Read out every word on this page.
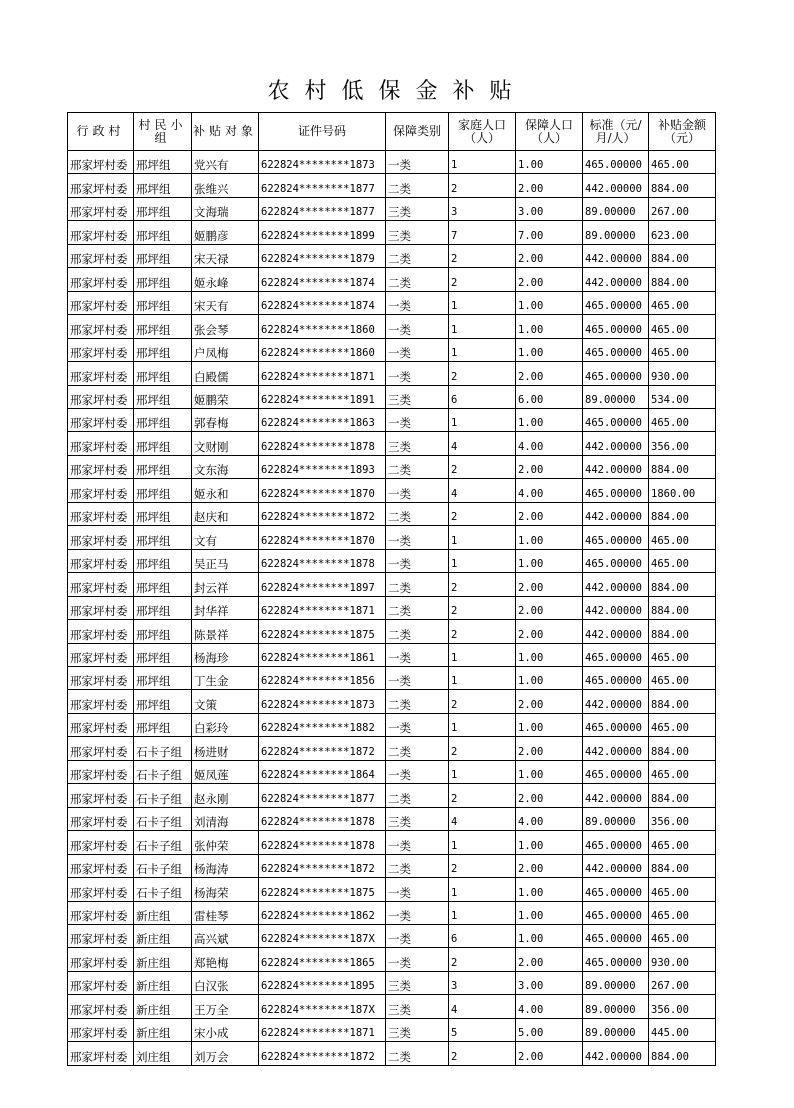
农村低保金补贴
行政村	村民小组	补贴对象	证件号码	保障类别	家庭人口（人）	保障人口（人）	标准（元/月/人）	补贴金额（元）
邢家坪村委	邢坪组	党兴有	622824********1873	一类	1	1.00	465.00000	465.00
邢家坪村委	邢坪组	张维兴	622824********1877	二类	2	2.00	442.00000	884.00
邢家坪村委	邢坪组	文海瑞	622824********1877	三类	3	3.00	89.00000	267.00
邢家坪村委	邢坪组	姬鹏彦	622824********1899	三类	7	7.00	89.00000	623.00
邢家坪村委	邢坪组	宋天禄	622824********1879	二类	2	2.00	442.00000	884.00
邢家坪村委	邢坪组	姬永峰	622824********1874	二类	2	2.00	442.00000	884.00
邢家坪村委	邢坪组	宋天有	622824********1874	一类	1	1.00	465.00000	465.00
邢家坪村委	邢坪组	张会琴	622824********1860	一类	1	1.00	465.00000	465.00
邢家坪村委	邢坪组	户凤梅	622824********1860	一类	1	1.00	465.00000	465.00
邢家坪村委	邢坪组	白殿儒	622824********1871	一类	2	2.00	465.00000	930.00
邢家坪村委	邢坪组	姬鹏荣	622824********1891	三类	6	6.00	89.00000	534.00
邢家坪村委	邢坪组	郭春梅	622824********1863	一类	1	1.00	465.00000	465.00
邢家坪村委	邢坪组	文财刚	622824********1878	三类	4	4.00	442.00000	356.00
邢家坪村委	邢坪组	文东海	622824********1893	二类	2	2.00	442.00000	884.00
邢家坪村委	邢坪组	姬永和	622824********1870	一类	4	4.00	465.00000	1860.00
邢家坪村委	邢坪组	赵庆和	622824********1872	二类	2	2.00	442.00000	884.00
邢家坪村委	邢坪组	文有	622824********1870	一类	1	1.00	465.00000	465.00
邢家坪村委	邢坪组	吴正马	622824********1878	一类	1	1.00	465.00000	465.00
邢家坪村委	邢坪组	封云祥	622824********1897	二类	2	2.00	442.00000	884.00
邢家坪村委	邢坪组	封华祥	622824********1871	二类	2	2.00	442.00000	884.00
邢家坪村委	邢坪组	陈景祥	622824********1875	二类	2	2.00	442.00000	884.00
邢家坪村委	邢坪组	杨海珍	622824********1861	一类	1	1.00	465.00000	465.00
邢家坪村委	邢坪组	丁生金	622824********1856	一类	1	1.00	465.00000	465.00
邢家坪村委	邢坪组	文策	622824********1873	二类	2	2.00	442.00000	884.00
邢家坪村委	邢坪组	白彩玲	622824********1882	一类	1	1.00	465.00000	465.00
邢家坪村委	石卡子组	杨进财	622824********1872	二类	2	2.00	442.00000	884.00
邢家坪村委	石卡子组	姬凤莲	622824********1864	一类	1	1.00	465.00000	465.00
邢家坪村委	石卡子组	赵永刚	622824********1877	二类	2	2.00	442.00000	884.00
邢家坪村委	石卡子组	刘清海	622824********1878	三类	4	4.00	89.00000	356.00
邢家坪村委	石卡子组	张仲荣	622824********1878	一类	1	1.00	465.00000	465.00
邢家坪村委	石卡子组	杨海涛	622824********1872	二类	2	2.00	442.00000	884.00
邢家坪村委	石卡子组	杨海荣	622824********1875	一类	1	1.00	465.00000	465.00
邢家坪村委	新庄组	雷桂琴	622824********1862	一类	1	1.00	465.00000	465.00
邢家坪村委	新庄组	高兴斌	622824********187X	一类	6	1.00	465.00000	465.00
邢家坪村委	新庄组	郑艳梅	622824********1865	一类	2	2.00	465.00000	930.00
邢家坪村委	新庄组	白汉张	622824********1895	三类	3	3.00	89.00000	267.00
邢家坪村委	新庄组	王万全	622824********187X	三类	4	4.00	89.00000	356.00
邢家坪村委	新庄组	宋小成	622824********1871	三类	5	5.00	89.00000	445.00
邢家坪村委	刘庄组	刘万会	622824********1872	二类	2	2.00	442.00000	884.00
